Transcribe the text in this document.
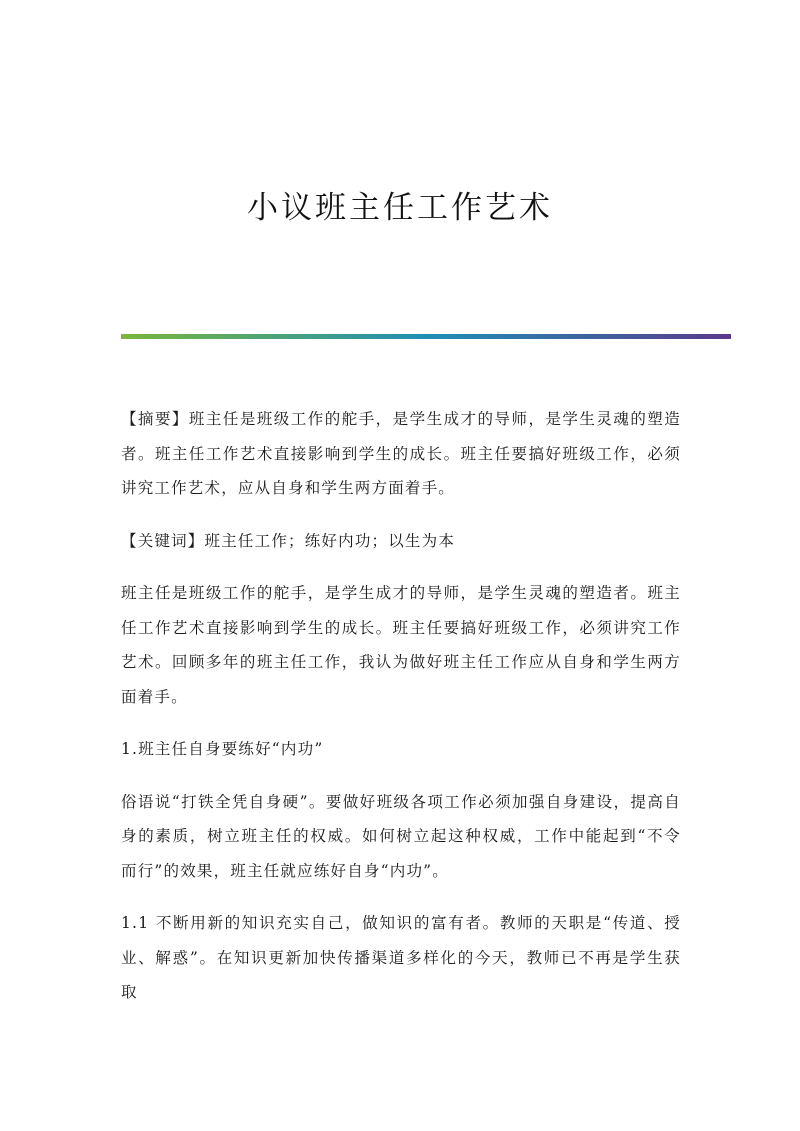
小议班主任工作艺术

【摘要】班主任是班级工作的舵手，是学生成才的导师，是学生灵魂的塑造者。班主任工作艺术直接影响到学生的成长。班主任要搞好班级工作，必须讲究工作艺术，应从自身和学生两方面着手。

【关键词】班主任工作；练好内功；以生为本

班主任是班级工作的舵手，是学生成才的导师，是学生灵魂的塑造者。班主任工作艺术直接影响到学生的成长。班主任要搞好班级工作，必须讲究工作艺术。回顾多年的班主任工作，我认为做好班主任工作应从自身和学生两方面着手。

1.班主任自身要练好“内功”

俗语说“打铁全凭自身硬”。要做好班级各项工作必须加强自身建设，提高自身的素质，树立班主任的权威。如何树立起这种权威，工作中能起到“不令而行”的效果，班主任就应练好自身“内功”。

1.1 不断用新的知识充实自己，做知识的富有者。教师的天职是“传道、授业、解惑”。在知识更新加快传播渠道多样化的今天，教师已不再是学生获取
